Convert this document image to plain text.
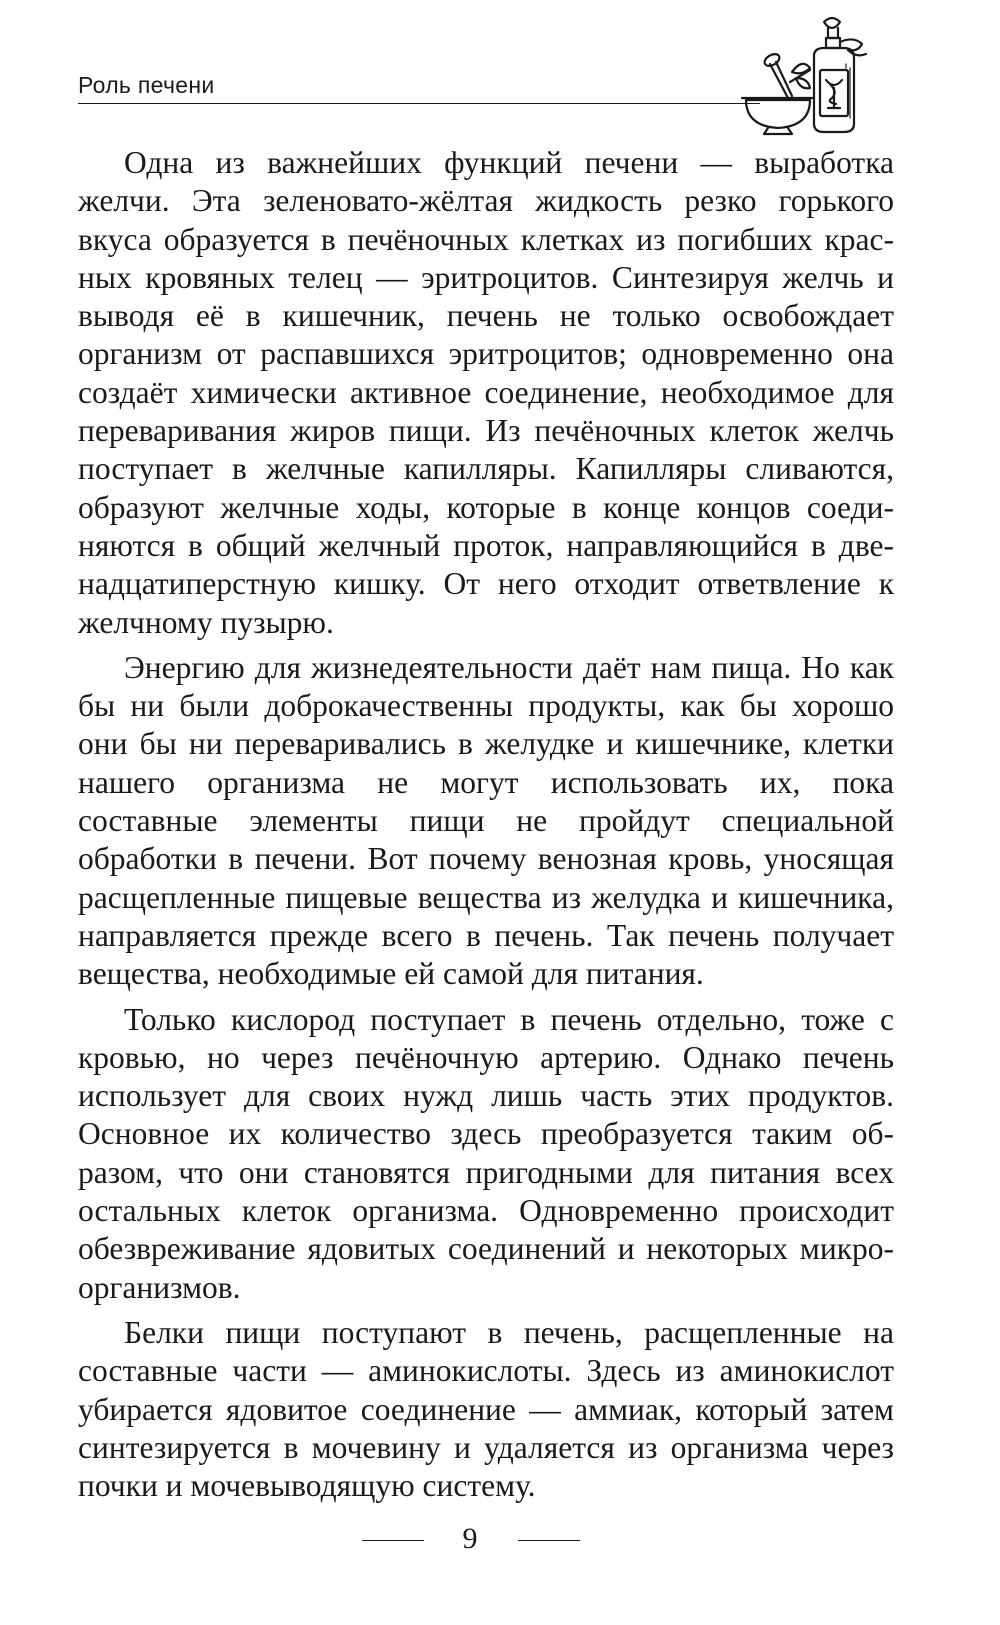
Роль печени

Одна из важнейших функций печени — выработка желчи. Эта зеленовато-жёлтая жидкость резко горького вкуса образуется в печёночных клетках из погибших красных кровяных телец — эритроцитов. Синтезируя желчь и выводя её в кишечник, печень не только освобождает организм от распавшихся эритроцитов; одновременно она создаёт химически активное соединение, необходимое для переваривания жиров пищи. Из печёночных клеток желчь поступает в желчные капилляры. Капилляры сливаются, образуют желчные ходы, которые в конце концов соединяются в общий желчный проток, направляющийся в двенадцатиперстную кишку. От него отходит ответвление к желчному пузырю.

Энергию для жизнедеятельности даёт нам пища. Но как бы ни были доброкачественны продукты, как бы хорошо они бы ни переваривались в желудке и кишечнике, клетки нашего организма не могут использовать их, пока составные элементы пищи не пройдут специальной обработки в печени. Вот почему венозная кровь, уносящая расщепленные пищевые вещества из желудка и кишечника, направляется прежде всего в печень. Так печень получает вещества, необходимые ей самой для питания.

Только кислород поступает в печень отдельно, тоже с кровью, но через печёночную артерию. Однако печень использует для своих нужд лишь часть этих продуктов. Основное их количество здесь преобразуется таким образом, что они становятся пригодными для питания всех остальных клеток организма. Одновременно происходит обезвреживание ядовитых соединений и некоторых микроорганизмов.

Белки пищи поступают в печень, расщепленные на составные части — аминокислоты. Здесь из аминокислот убирается ядовитое соединение — аммиак, который затем синтезируется в мочевину и удаляется из организма через почки и мочевыводящую систему.

9
